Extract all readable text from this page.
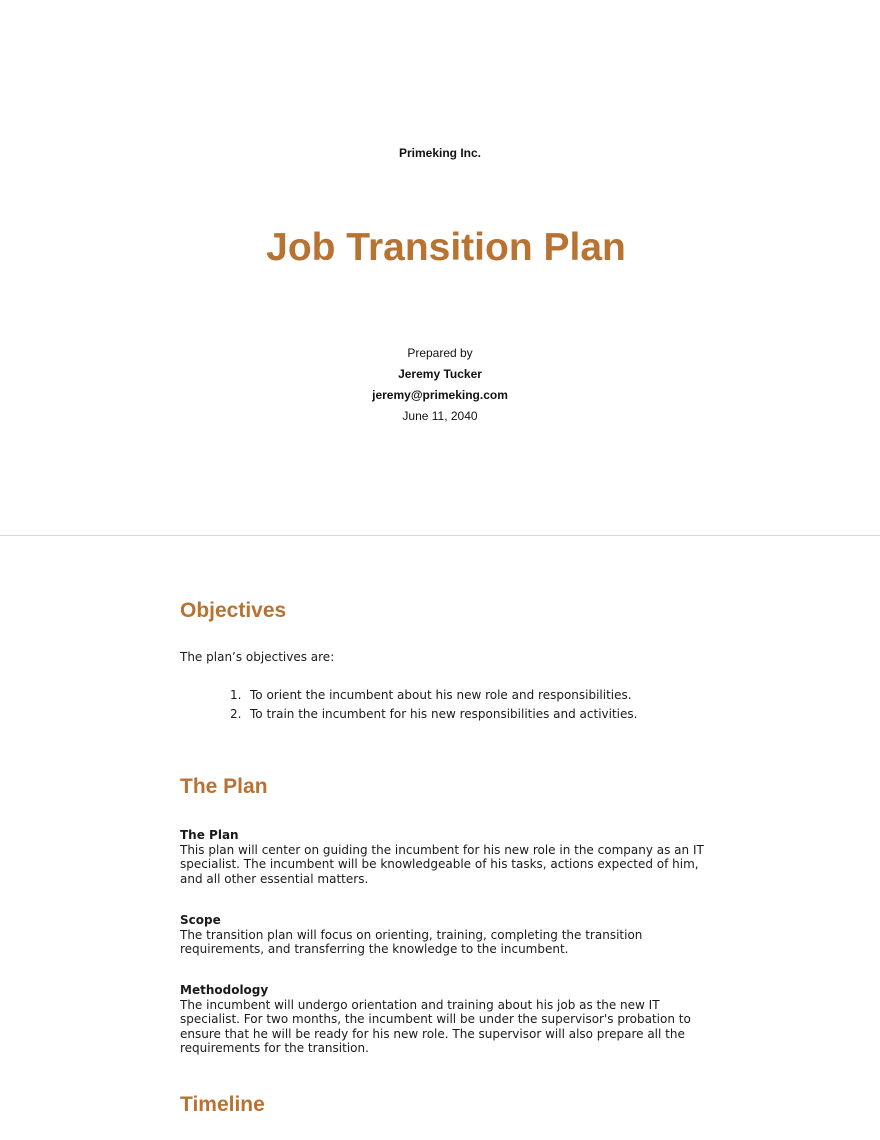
Primeking Inc.
Job Transition Plan
Prepared by
Jeremy Tucker
jeremy@primeking.com
June 11, 2040
Objectives

The plan’s objectives are:

1. To orient the incumbent about his new role and responsibilities.
2. To train the incumbent for his new responsibilities and activities.
The Plan

The Plan
This plan will center on guiding the incumbent for his new role in the company as an IT specialist. The incumbent will be knowledgeable of his tasks, actions expected of him, and all other essential matters.

Scope
The transition plan will focus on orienting, training, completing the transition requirements, and transferring the knowledge to the incumbent.

Methodology
The incumbent will undergo orientation and training about his job as the new IT specialist. For two months, the incumbent will be under the supervisor's probation to ensure that he will be ready for his new role. The supervisor will also prepare all the requirements for the transition.

Timeline
